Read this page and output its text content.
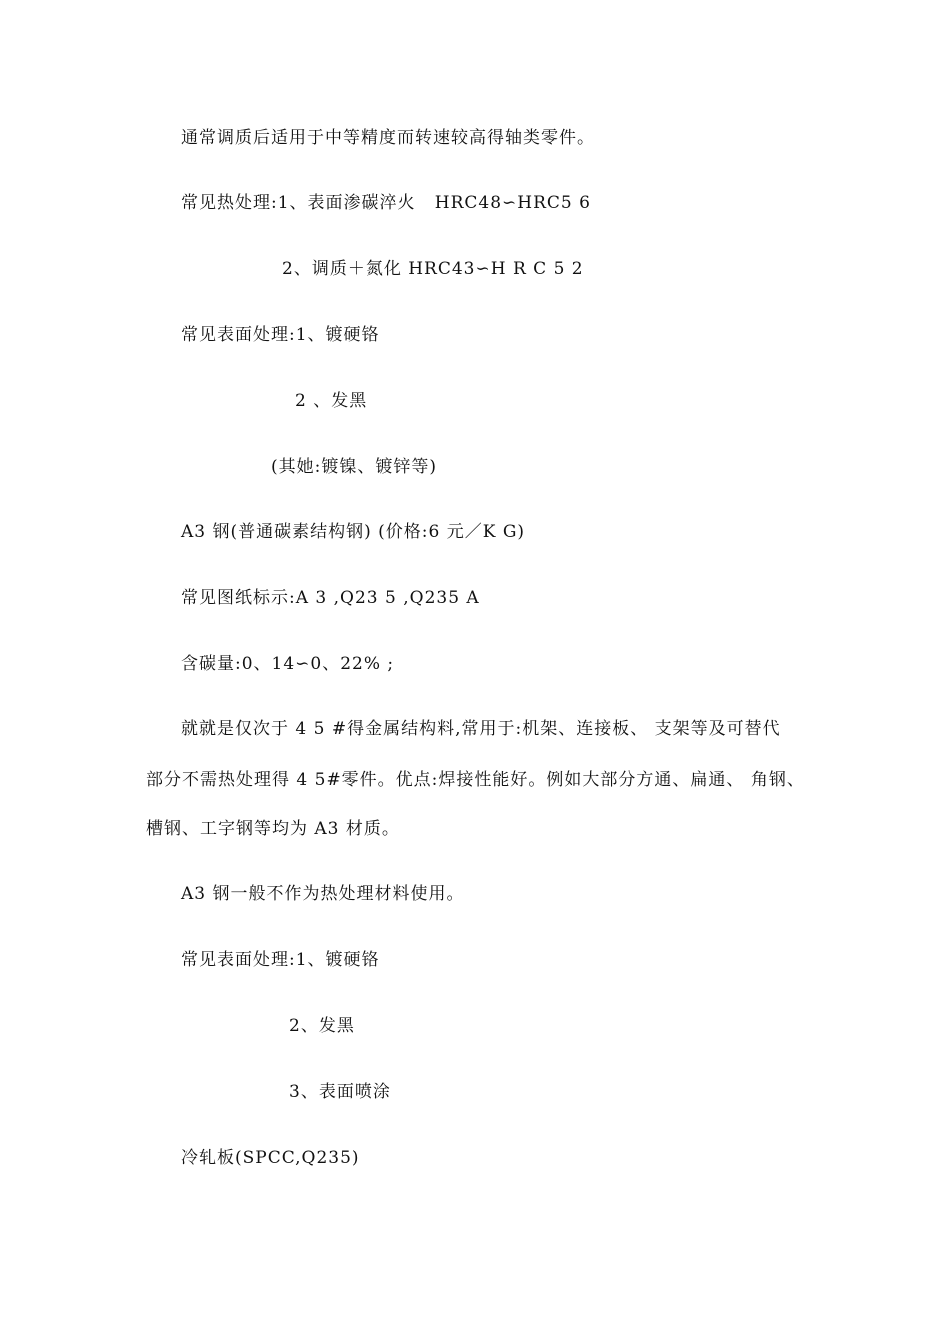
通常调质后适用于中等精度而转速较高得轴类零件。
常见热处理:1、表面渗碳淬火   HRC48∽HRC5 6
2、调质＋氮化 HRC43∽H R C 5 2
常见表面处理:1、镀硬铬
2 、发黑
(其她:镀镍、镀锌等)
A3 钢(普通碳素结构钢) (价格:6 元／K G)
常见图纸标示:A 3 ,Q23 5 ,Q235 A
含碳量:0、14∽0、22% ;
就就是仅次于 4 5 #得金属结构料,常用于:机架、连接板、 支架等及可替代
部分不需热处理得 4 5#零件。优点:焊接性能好。例如大部分方通、扁通、 角钢、
槽钢、工字钢等均为 A3 材质。
A3 钢一般不作为热处理材料使用。
常见表面处理:1、镀硬铬
2、发黑
3、表面喷涂
冷轧板(SPCC,Q235)
